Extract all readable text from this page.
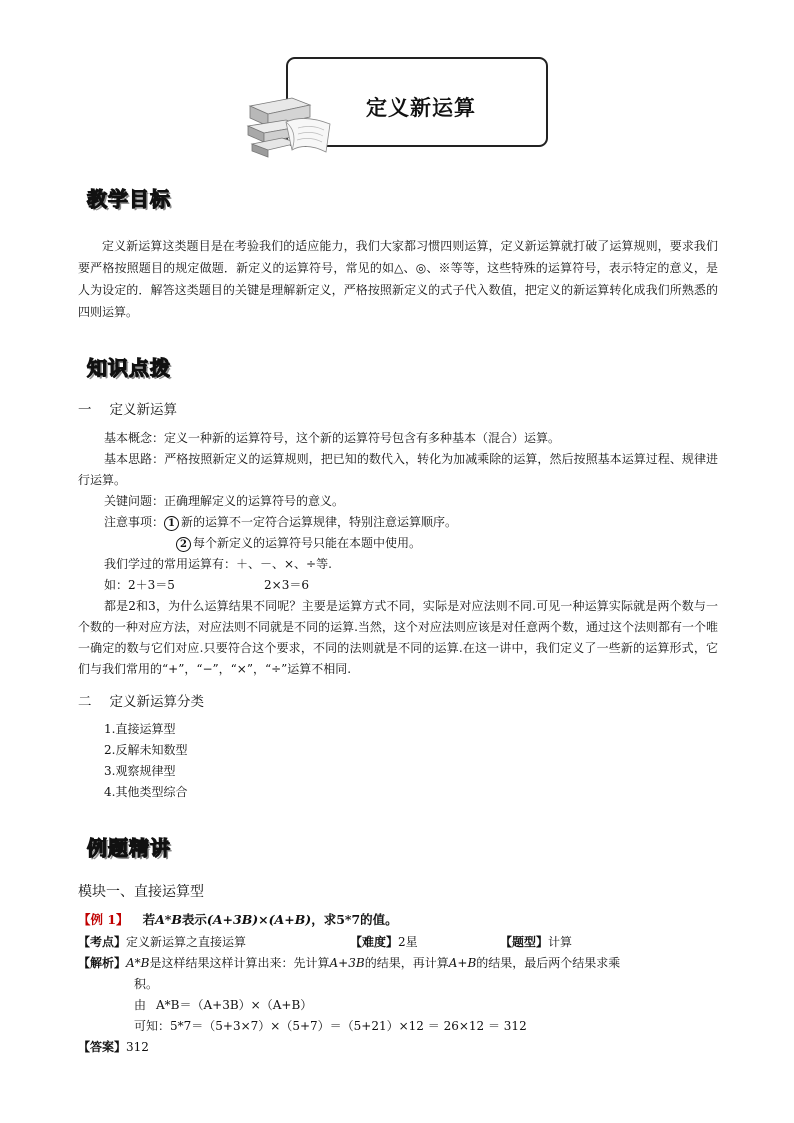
定义新运算
教学目标
定义新运算这类题目是在考验我们的适应能力，我们大家都习惯四则运算，定义新运算就打破了运算规则，要求我们要严格按照题目的规定做题．新定义的运算符号，常见的如△、◎、※等等，这些特殊的运算符号，表示特定的意义，是人为设定的．解答这类题目的关键是理解新定义，严格按照新定义的式子代入数值，把定义的新运算转化成我们所熟悉的四则运算。
知识点拨
一 定义新运算
基本概念：定义一种新的运算符号，这个新的运算符号包含有多种基本（混合）运算。
基本思路：严格按照新定义的运算规则，把已知的数代入，转化为加减乘除的运算，然后按照基本运算过程、规律进行运算。
关键问题：正确理解定义的运算符号的意义。
注意事项： 1 新的运算不一定符合运算规律，特别注意运算顺序。
2 每个新定义的运算符号只能在本题中使用。
我们学过的常用运算有：＋、－、×、÷等.
如：2＋3＝5	2×3＝6
都是2和3，为什么运算结果不同呢？主要是运算方式不同，实际是对应法则不同.可见一种运算实际就是两个数与一个数的一种对应方法，对应法则不同就是不同的运算.当然，这个对应法则应该是对任意两个数，通过这个法则都有一个唯一确定的数与它们对应.只要符合这个要求，不同的法则就是不同的运算.在这一讲中，我们定义了一些新的运算形式，它们与我们常用的“+”，“−”，“×”，“÷”运算不相同.
二 定义新运算分类
1.直接运算型
2.反解未知数型
3.观察规律型
4.其他类型综合
例题精讲
模块一、直接运算型
【例 1】 若A*B表示(A+3B)×(A+B)，求5*7的值。
【考点】定义新运算之直接运算	【难度】2星	【题型】计算
【解析】A*B是这样结果这样计算出来：先计算A+3B的结果，再计算A+B的结果，最后两个结果求乘
积。
由 A*B＝（A+3B）×（A+B）
可知：5*7＝（5+3×7）×（5+7）＝（5+21）×12 ＝ 26×12 ＝ 312
【答案】312
